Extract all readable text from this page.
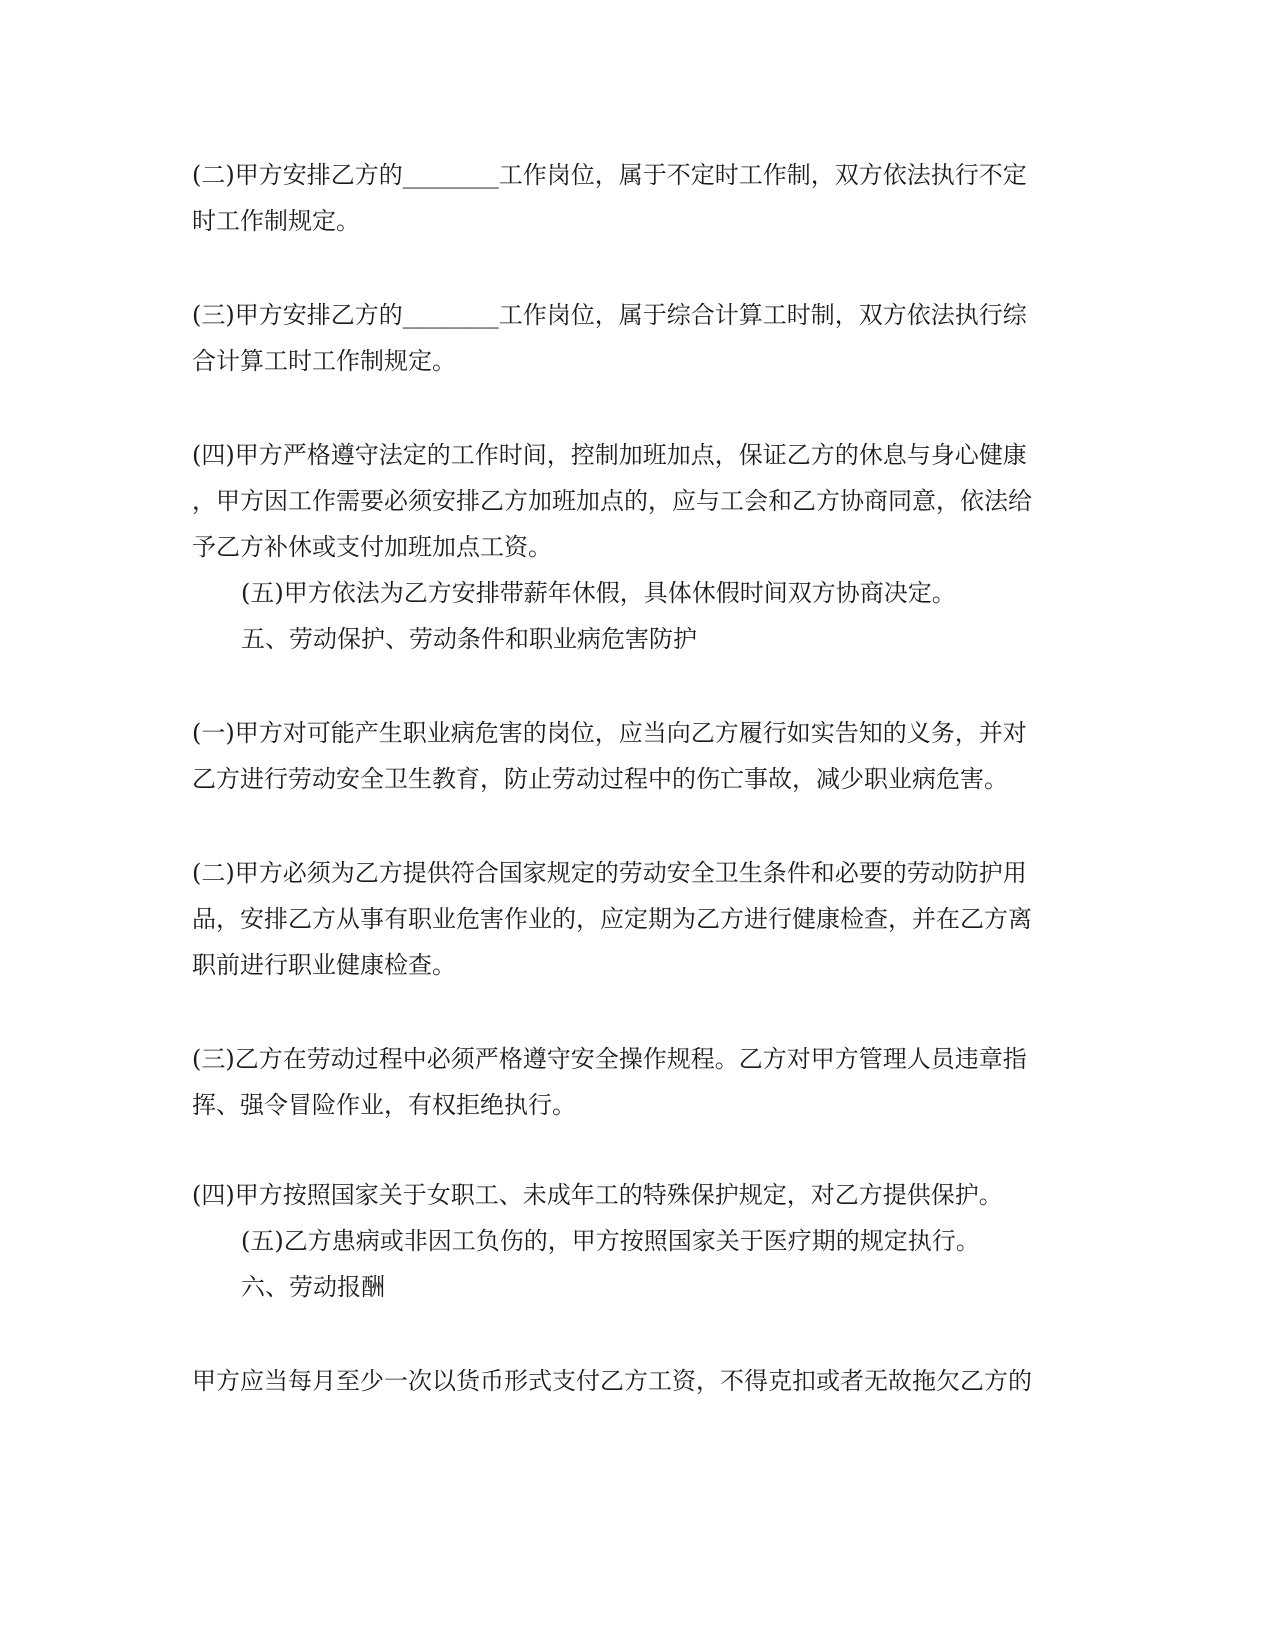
(二)甲方安排乙方的________工作岗位，属于不定时工作制，双方依法执行不定
时工作制规定。
(三)甲方安排乙方的________工作岗位，属于综合计算工时制，双方依法执行综
合计算工时工作制规定。
(四)甲方严格遵守法定的工作时间，控制加班加点，保证乙方的休息与身心健康
，甲方因工作需要必须安排乙方加班加点的，应与工会和乙方协商同意，依法给
予乙方补休或支付加班加点工资。
(五)甲方依法为乙方安排带薪年休假，具体休假时间双方协商决定。
五、劳动保护、劳动条件和职业病危害防护
(一)甲方对可能产生职业病危害的岗位，应当向乙方履行如实告知的义务，并对
乙方进行劳动安全卫生教育，防止劳动过程中的伤亡事故，减少职业病危害。
(二)甲方必须为乙方提供符合国家规定的劳动安全卫生条件和必要的劳动防护用
品，安排乙方从事有职业危害作业的，应定期为乙方进行健康检查，并在乙方离
职前进行职业健康检查。
(三)乙方在劳动过程中必须严格遵守安全操作规程。乙方对甲方管理人员违章指
挥、强令冒险作业，有权拒绝执行。
(四)甲方按照国家关于女职工、未成年工的特殊保护规定，对乙方提供保护。
(五)乙方患病或非因工负伤的，甲方按照国家关于医疗期的规定执行。
六、劳动报酬
甲方应当每月至少一次以货币形式支付乙方工资，不得克扣或者无故拖欠乙方的
